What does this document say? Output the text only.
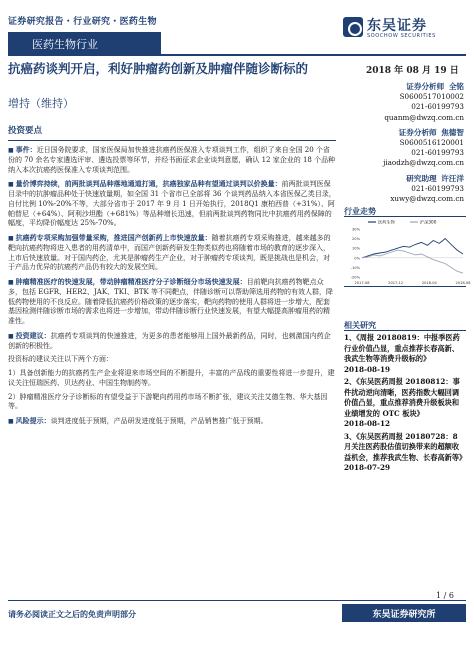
证券研究报告・行业研究・医药生物	东吴证券
SOOCHOW SECURITIES
医药生物行业
抗癌药谈判开启，利好肿瘤药创新及肿瘤伴随诊断标的
增持（维持）
2018 年 08 月 19 日
证券分析师 全铭
S0600517010002
021-60199793
quanm@dwzq.com.cn
证券分析师 焦德智
S0600516120001
021-60199793
jiaodzh@dwzq.com.cn
研究助理 许汪洋
021-60199793
xuwy@dwzq.com.cn
投资要点

■ 事件：近日国务院要求，国家医保局加快推进抗癌药医保准入专项谈判工作，组织了来自全国 20 个省份的 70 余名专家遴选评审、遴选投票等环节，并经书面征求企业谈判意愿，确认 12 家企业的 18 个品种纳入本次抗癌药医保准入专项谈判范围。

■ 量价博弈持续，前两批谈判品种落地通道打通，抗癌独家品种有望通过谈判以价换量：前两批谈判医保目录中的抗肿瘤品种处于快速放量期，如全国 31 个省市已全部将 36 个谈判药品纳入本省医保乙类目录，自付比例 10%-20%不等，大部分省市于 2017 年 9 月 1 日开始执行，2018Q1 康柏西普（+31%）、阿帕替尼（+64%）、阿利沙坦酯（+681%）等品种增长迅速，但前两批谈判药物同比中抗癌药用药保障的幅度，平均降价幅度达 25%-70%。

■ 抗癌药专项采购加强带量采购，推进国产创新药上市快速放量：随着抗癌药专项采购推进，越来越多的靶向抗癌药物将进入患者的用药清单中，而国产创新药研发生物类似药也将随着市场的教育的逐步深入，上市后快速放量。对于国内药企，尤其是肿瘤药生产企业，对于肿瘤药专项谈判，既是挑战也是机会，对于产品力优异的抗癌药产品仍有较大的发展空间。

■ 肿瘤精准医疗的快速发展，带动肿瘤精准医疗分子诊断细分市场快速发展：目前靶向抗癌药物靶点众多，包括 EGFR、HER2、JAK、TKI、BTK 等不同靶点，伴随诊断可以帮助筛选用药物的有效人群，降低药物使用的不良反应。随着降低抗癌药价格政策的逐步落实，靶向药物的使用人群将进一步增大，配套基因检测伴随诊断市场的需求也将进一步增加，带动伴随诊断行业快速发展，有望大幅提高肿瘤用药的精准性。

■ 投资建议：抗癌药专项谈判的快速推进，为更多的患者能够用上国外最新药品，同时，也刺激国内药企创新的积极性。

投资标的建议关注以下两个方面：

1）具备创新能力的抗癌药生产企业将迎来市场空间的不断提升，丰富的产品线的重要性将进一步提升，建议关注恒瑞医药、贝达药业、中国生物制药等。

2）肿瘤精准医疗分子诊断标的有望受益于下游靶向药用药市场不断扩张，建议关注艾德生物、华大基因等。

■ 风险提示：谈判进度低于预期，产品研发进度低于预期，产品销售推广低于预期。

行业走势
30%
20%
10%
0%
-10%
-20%
2017-08	2017-12	2018-04	2018-08
医药生物	沪深300
相关研究
1、《周报 20180819：中报季医药行业价值凸显，重点推荐长春高新、我武生物等消费升级标的》
2018-08-19
2、《东吴医药周报 20180812：事件扰动逆向清晰，医药指数大幅回调价值凸显，重点推荐消费升级板块和业绩增发的 OTC 板块》
2018-08-12
3、《东吴医药周报 20180728：8 月关注医药股估值切换带来的超额收益机会，推荐我武生物、长春高新等》
2018-07-29
1 / 6
请务必阅读正文之后的免责声明部分	东吴证券研究所
